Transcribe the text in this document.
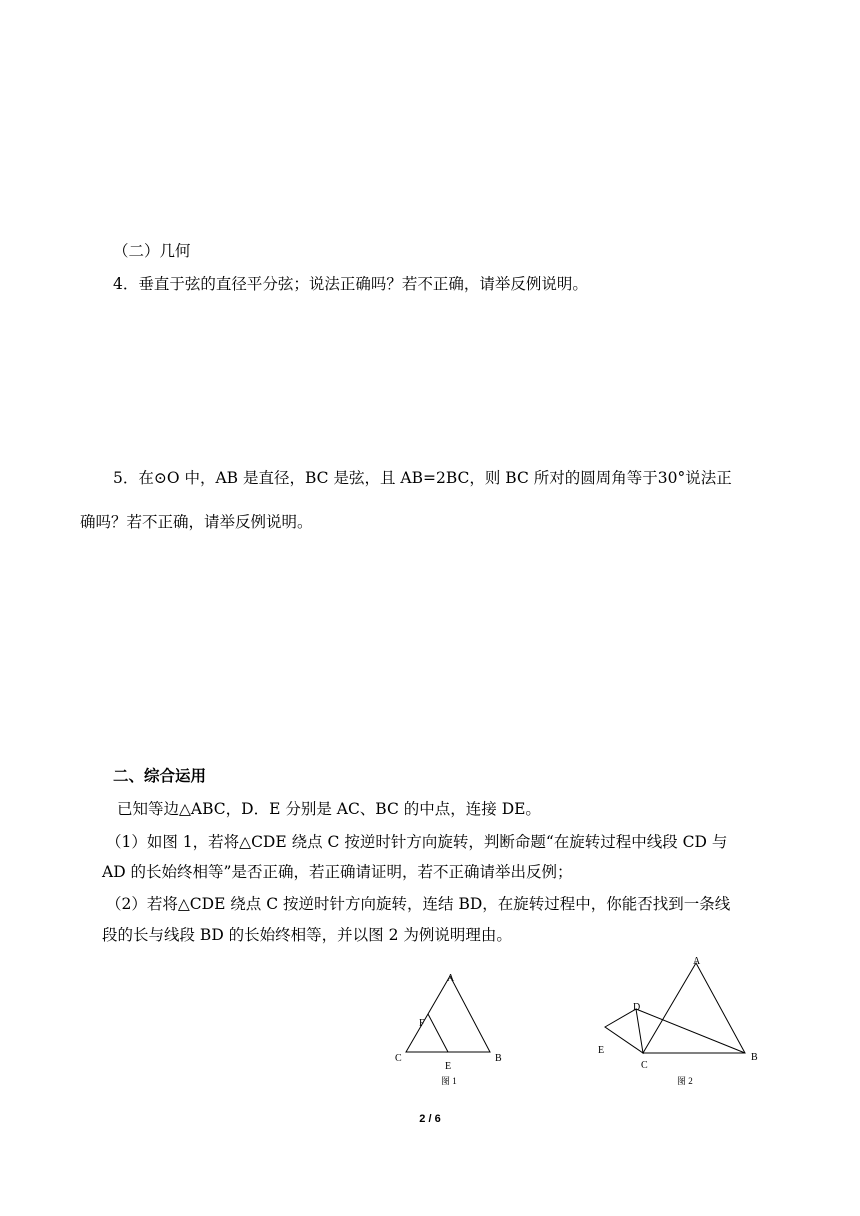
（二）几何
4．垂直于弦的直径平分弦；说法正确吗？若不正确，请举反例说明。
5．在⊙O 中，AB 是直径，BC 是弦，且 AB=2BC，则 BC 所对的圆周角等于30°说法正
确吗？若不正确，请举反例说明。
二、综合运用
已知等边△ABC，D．E 分别是 AC、BC 的中点，连接 DE。
（1）如图 1，若将△CDE 绕点 C 按逆时针方向旋转，判断命题“在旋转过程中线段 CD 与
AD 的长始终相等”是否正确，若正确请证明，若不正确请举出反例；
（2）若将△CDE 绕点 C 按逆时针方向旋转，连结 BD，在旋转过程中，你能否找到一条线
段的长与线段 BD 的长始终相等，并以图 2 为例说明理由。
A
F
C
E
B
图 1
A
D
E
C
B
图 2
2 / 6
